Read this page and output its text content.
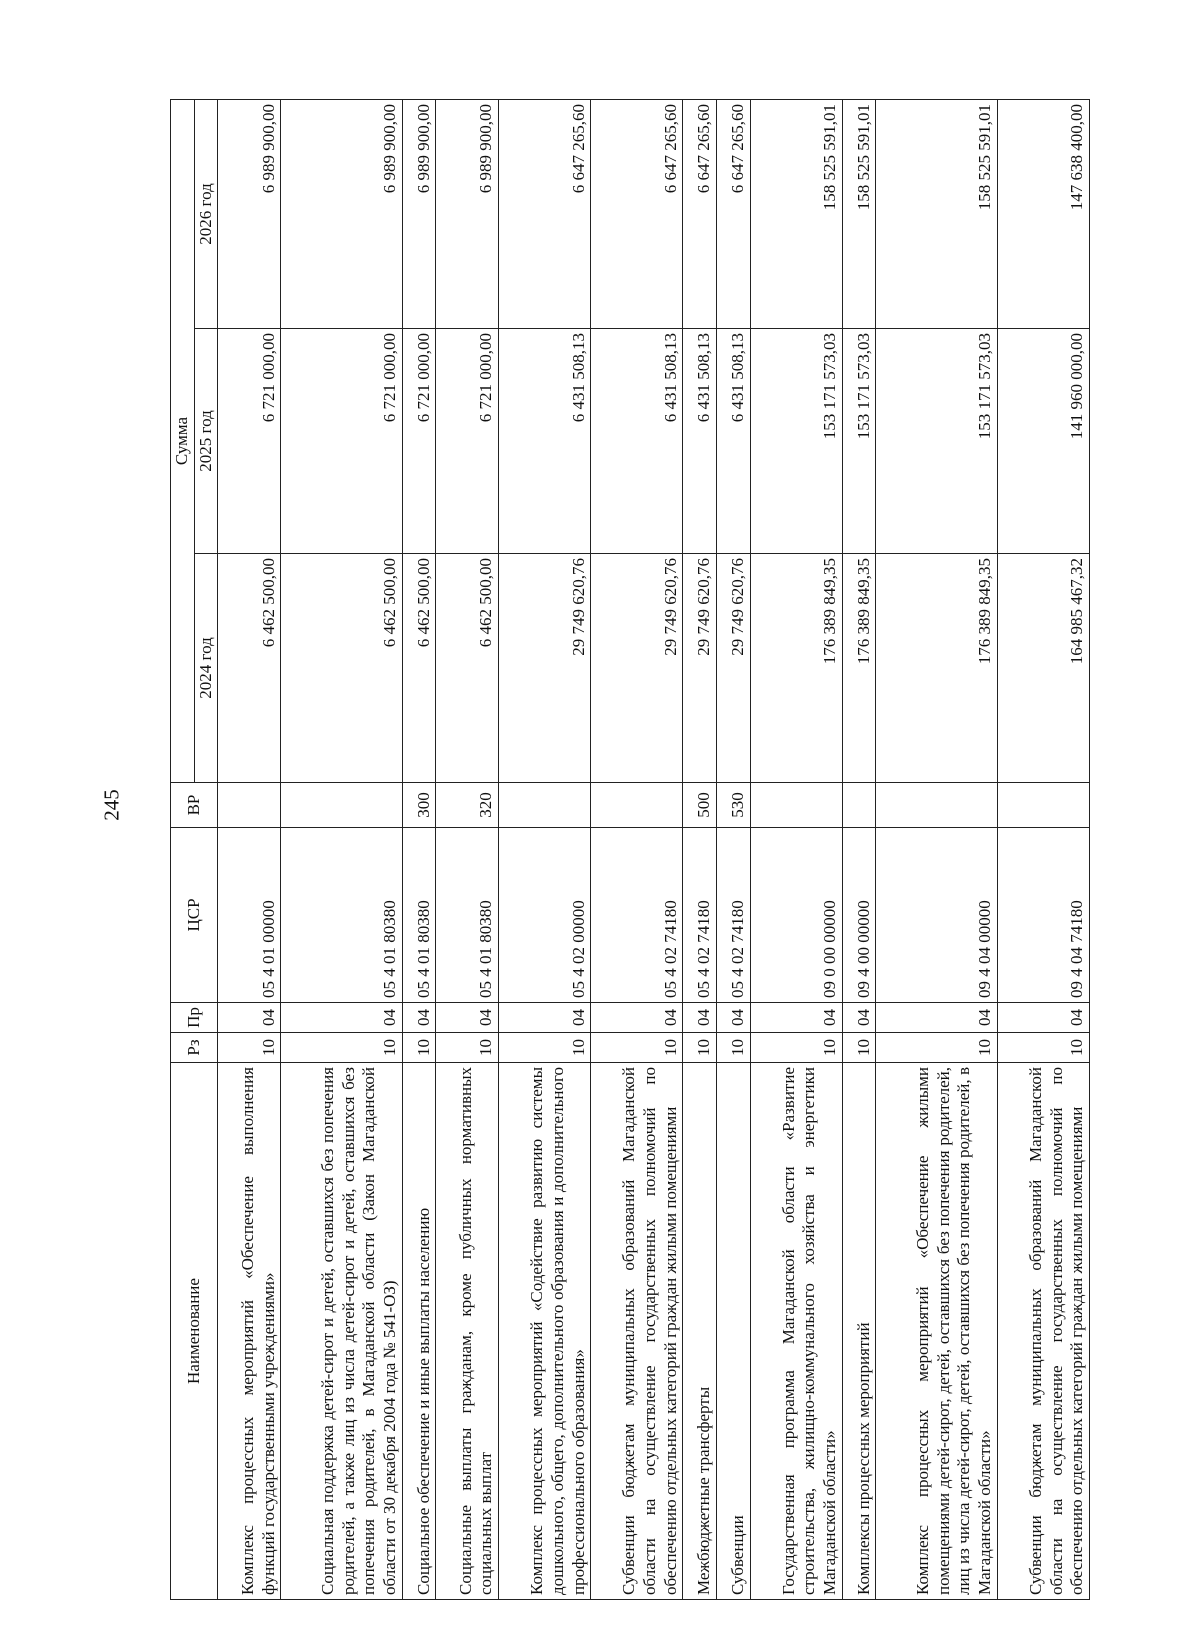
245
Наименование	Рз	Пр	ЦСР	ВР	Сумма		
					2024 год	2025 год	2026 год
Комплекс процессных мероприятий «Обеспечение выполнения функций государственными учреждениями»	10	04	05 4 01 00000		6 462 500,00	6 721 000,00	6 989 900,00
Социальная поддержка детей-сирот и детей, оставшихся без попечения родителей, а также лиц из числа детей-сирот и детей, оставшихся без попечения родителей, в Магаданской области (Закон Магаданской области от 30 декабря 2004 года № 541-ОЗ)	10	04	05 4 01 80380		6 462 500,00	6 721 000,00	6 989 900,00
Социальное обеспечение и иные выплаты населению	10	04	05 4 01 80380	300	6 462 500,00	6 721 000,00	6 989 900,00
Социальные выплаты гражданам, кроме публичных нормативных социальных выплат	10	04	05 4 01 80380	320	6 462 500,00	6 721 000,00	6 989 900,00
Комплекс процессных мероприятий «Содействие развитию системы дошкольного, общего, дополнительного образования и дополнительного профессионального образования»	10	04	05 4 02 00000		29 749 620,76	6 431 508,13	6 647 265,60
Субвенции бюджетам муниципальных образований Магаданской области на осуществление государственных полномочий по обеспечению отдельных категорий граждан жилыми помещениями	10	04	05 4 02 74180		29 749 620,76	6 431 508,13	6 647 265,60
Межбюджетные трансферты	10	04	05 4 02 74180	500	29 749 620,76	6 431 508,13	6 647 265,60
Субвенции	10	04	05 4 02 74180	530	29 749 620,76	6 431 508,13	6 647 265,60
Государственная программа Магаданской области «Развитие строительства, жилищно-коммунального хозяйства и энергетики Магаданской области»	10	04	09 0 00 00000		176 389 849,35	153 171 573,03	158 525 591,01
Комплексы процессных мероприятий	10	04	09 4 00 00000		176 389 849,35	153 171 573,03	158 525 591,01
Комплекс процессных мероприятий «Обеспечение жилыми помещениями детей-сирот, детей, оставшихся без попечения родителей, лиц из числа детей-сирот, детей, оставшихся без попечения родителей, в Магаданской области»	10	04	09 4 04 00000		176 389 849,35	153 171 573,03	158 525 591,01
Субвенции бюджетам муниципальных образований Магаданской области на осуществление государственных полномочий по обеспечению отдельных категорий граждан жилыми помещениями	10	04	09 4 04 74180		164 985 467,32	141 960 000,00	147 638 400,00
